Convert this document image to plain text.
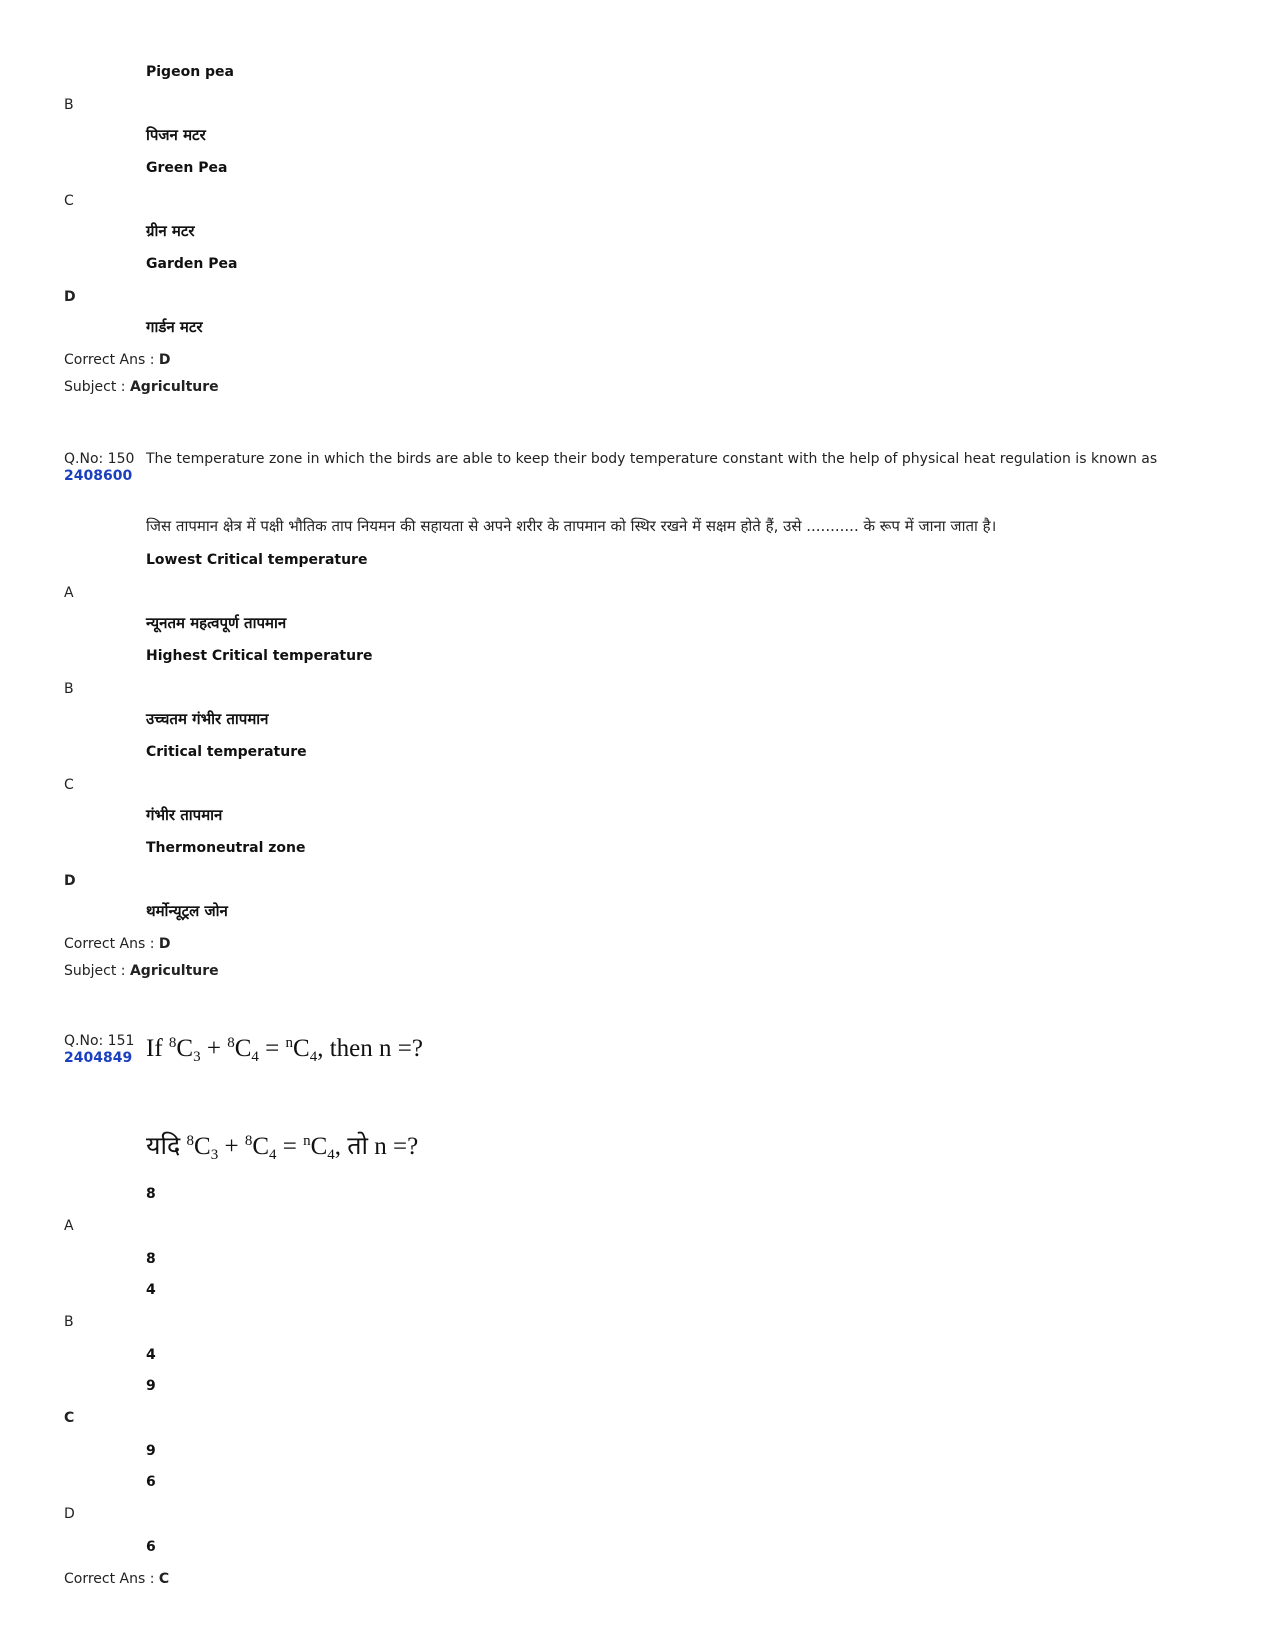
Pigeon pea
B
पिजन मटर
Green Pea
C
ग्रीन मटर
Garden Pea
D
गार्डन मटर
Correct Ans : D
Subject : Agriculture
Q.No: 150
2408600
The temperature zone in which the birds are able to keep their body temperature constant with the help of physical heat regulation is known as
जिस तापमान क्षेत्र में पक्षी भौतिक ताप नियमन की सहायता से अपने शरीर के तापमान को स्थिर रखने में सक्षम होते हैं, उसे ........... के रूप में जाना जाता है।
Lowest Critical temperature
A
न्यूनतम महत्वपूर्ण तापमान
Highest Critical temperature
B
उच्चतम गंभीर तापमान
Critical temperature
C
गंभीर तापमान
Thermoneutral zone
D
थर्मोन्यूट्रल जोन
Correct Ans : D
Subject : Agriculture
Q.No: 151
2404849 If $^8C_3 + ^8C_4 = ^nC_4$, then n =?
यदि $^8C_3 + ^8C_4 = ^nC_4$, तो n =?
8
A
8
4
B
4
9
C
9
6
D
6
Correct Ans : C
